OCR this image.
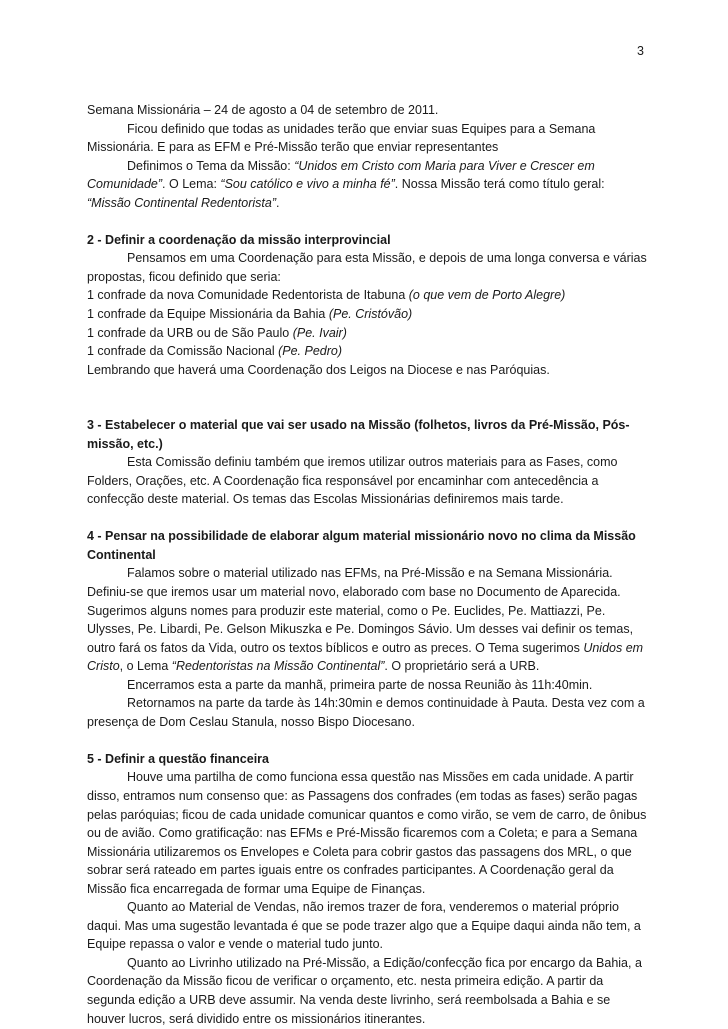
3

Semana Missionária – 24 de agosto a 04 de setembro de 2011.

Ficou definido que todas as unidades terão que enviar suas Equipes para a Semana Missionária. E para as EFM e Pré-Missão terão que enviar representantes

Definimos o Tema da Missão: “Unidos em Cristo com Maria para Viver e Crescer em Comunidade”. O Lema: “Sou católico e vivo a minha fé”. Nossa Missão terá como título geral: “Missão Continental Redentorista”.

2 - Definir a coordenação da missão interprovincial

Pensamos em uma Coordenação para esta Missão, e depois de uma longa conversa e várias propostas, ficou definido que seria:

1 confrade da nova Comunidade Redentorista de Itabuna (o que vem de Porto Alegre)

1 confrade da Equipe Missionária da Bahia (Pe. Cristóvão)

1 confrade da URB ou de São Paulo (Pe. Ivair)

1 confrade da Comissão Nacional (Pe. Pedro)

Lembrando que haverá uma Coordenação dos Leigos na Diocese e nas Paróquias.

3 - Estabelecer o material que vai ser usado na Missão (folhetos, livros da Pré-Missão, Pós-missão, etc.)

Esta Comissão definiu também que iremos utilizar outros materiais para as Fases, como Folders, Orações, etc. A Coordenação fica responsável por encaminhar com antecedência a confecção deste material. Os temas das Escolas Missionárias definiremos mais tarde.

4 - Pensar na possibilidade de elaborar algum material missionário novo no clima da Missão Continental

Falamos sobre o material utilizado nas EFMs, na Pré-Missão e na Semana Missionária. Definiu-se que iremos usar um material novo, elaborado com base no Documento de Aparecida. Sugerimos alguns nomes para produzir este material, como o Pe. Euclides, Pe. Mattiazzi, Pe. Ulysses, Pe. Libardi, Pe. Gelson Mikuszka e Pe. Domingos Sávio. Um desses vai definir os temas, outro fará os fatos da Vida, outro os textos bíblicos e outro as preces. O Tema sugerimos Unidos em Cristo, o Lema “Redentoristas na Missão Continental”. O proprietário será a URB.

Encerramos esta a parte da manhã, primeira parte de nossa Reunião às 11h:40min.

Retornamos na parte da tarde às 14h:30min e demos continuidade à Pauta. Desta vez com a presença de Dom Ceslau Stanula, nosso Bispo Diocesano.

5 - Definir a questão financeira

Houve uma partilha de como funciona essa questão nas Missões em cada unidade. A partir disso, entramos num consenso que: as Passagens dos confrades (em todas as fases) serão pagas pelas paróquias; ficou de cada unidade comunicar quantos e como virão, se vem de carro, de ônibus ou de avião. Como gratificação: nas EFMs e Pré-Missão ficaremos com a Coleta; e para a Semana Missionária utilizaremos os Envelopes e Coleta para cobrir gastos das passagens dos MRL, o que sobrar será rateado em partes iguais entre os confrades participantes. A Coordenação geral da Missão fica encarregada de formar uma Equipe de Finanças.

Quanto ao Material de Vendas, não iremos trazer de fora, venderemos o material próprio daqui. Mas uma sugestão levantada é que se pode trazer algo que a Equipe daqui ainda não tem, a Equipe repassa o valor e vende o material tudo junto.

Quanto ao Livrinho utilizado na Pré-Missão, a Edição/confecção fica por encargo da Bahia, a Coordenação da Missão ficou de verificar o orçamento, etc. nesta primeira edição. A partir da segunda edição a URB deve assumir. Na venda deste livrinho, será reembolsada a Bahia e se houver lucros, será dividido entre os missionários itinerantes.
